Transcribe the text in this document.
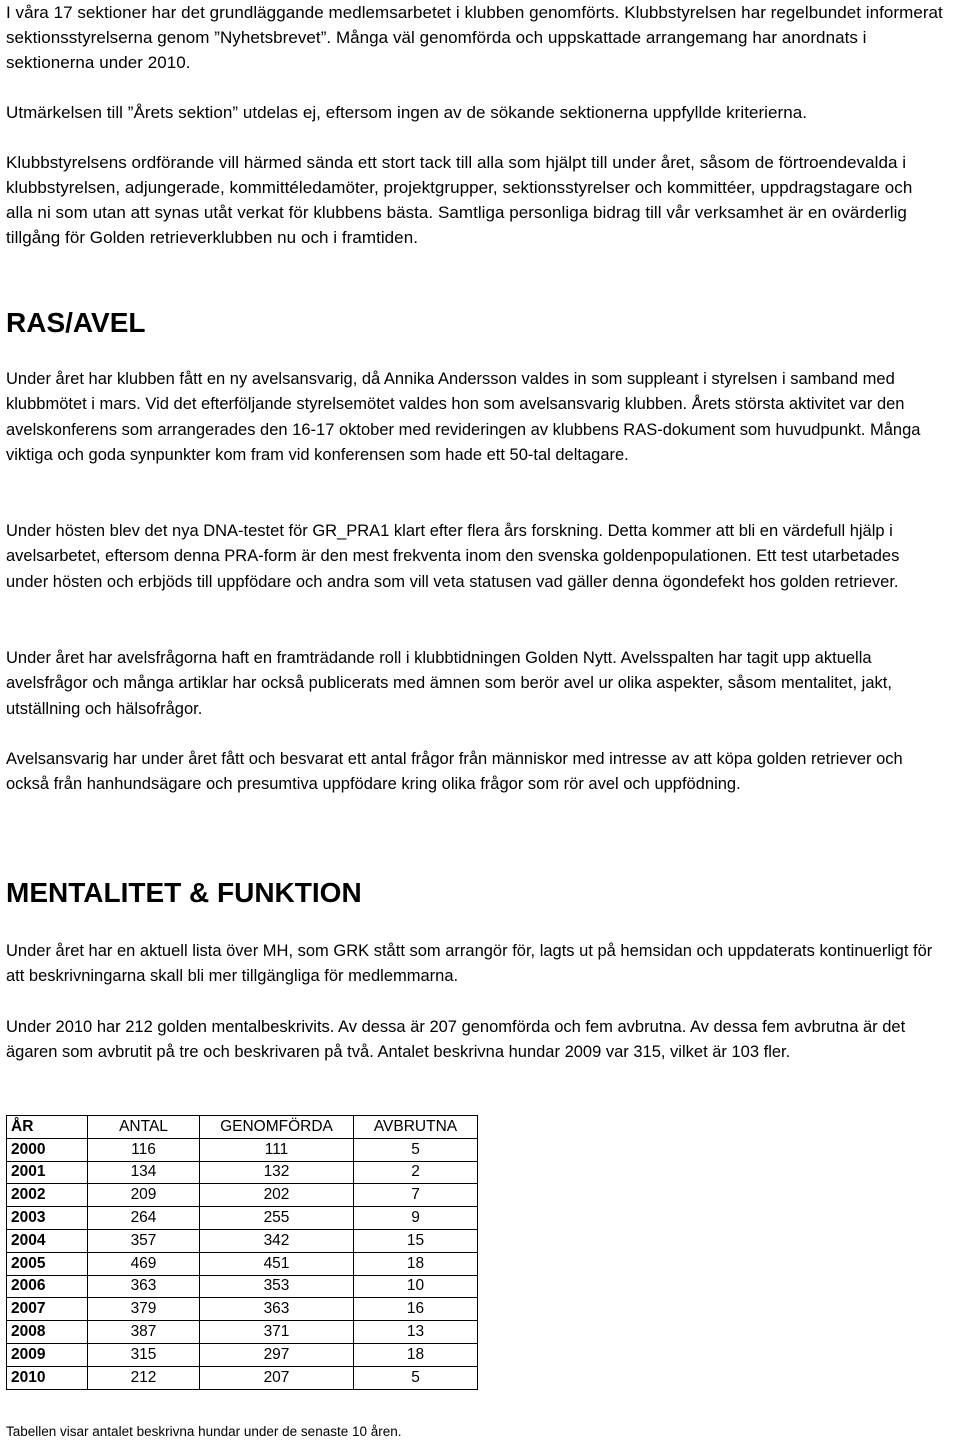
I våra 17 sektioner har det grundläggande medlemsarbetet i klubben genomförts. Klubbstyrelsen har regelbundet informerat sektionsstyrelserna genom ”Nyhetsbrevet”. Många väl genomförda och uppskattade arrangemang har anordnats i sektionerna under 2010.

Utmärkelsen till ”Årets sektion” utdelas ej, eftersom ingen av de sökande sektionerna uppfyllde kriterierna.

Klubbstyrelsens ordförande vill härmed sända ett stort tack till alla som hjälpt till under året, såsom de förtroendevalda i klubbstyrelsen, adjungerade, kommittéledamöter, projektgrupper, sektionsstyrelser och kommittéer, uppdragstagare och alla ni som utan att synas utåt verkat för klubbens bästa. Samtliga personliga bidrag till vår verksamhet är en ovärderlig tillgång för Golden retrieverklubben nu och i framtiden.

RAS/AVEL

Under året har klubben fått en ny avelsansvarig, då Annika Andersson valdes in som suppleant i styrelsen i samband med klubbmötet i mars. Vid det efterföljande styrelsemötet valdes hon som avelsansvarig klubben. Årets största aktivitet var den avelskonferens som arrangerades den 16-17 oktober med revideringen av klubbens RAS-dokument som huvudpunkt. Många viktiga och goda synpunkter kom fram vid konferensen som hade ett 50-tal deltagare.

Under hösten blev det nya DNA-testet för GR_PRA1 klart efter flera års forskning. Detta kommer att bli en värdefull hjälp i avelsarbetet, eftersom denna PRA-form är den mest frekventa inom den svenska goldenpopulationen. Ett test utarbetades under hösten och erbjöds till uppfödare och andra som vill veta statusen vad gäller denna ögondefekt hos golden retriever.

Under året har avelsfrågorna haft en framträdande roll i klubbtidningen Golden Nytt. Avelsspalten har tagit upp aktuella avelsfrågor och många artiklar har också publicerats med ämnen som berör avel ur olika aspekter, såsom mentalitet, jakt, utställning och hälsofrågor.

Avelsansvarig har under året fått och besvarat ett antal frågor från människor med intresse av att köpa golden retriever och också från hanhundsägare och presumtiva uppfödare kring olika frågor som rör avel och uppfödning.

MENTALITET & FUNKTION

Under året har en aktuell lista över MH, som GRK stått som arrangör för, lagts ut på hemsidan och uppdaterats kontinuerligt för att beskrivningarna skall bli mer tillgängliga för medlemmarna.

Under 2010 har 212 golden mentalbeskrivits. Av dessa är 207 genomförda och fem avbrutna. Av dessa fem avbrutna är det ägaren som avbrutit på tre och beskrivaren på två. Antalet beskrivna hundar 2009 var 315, vilket är 103 fler.

ÅR	ANTAL	GENOMFÖRDA	AVBRUTNA
2000	116	111	5
2001	134	132	2
2002	209	202	7
2003	264	255	9
2004	357	342	15
2005	469	451	18
2006	363	353	10
2007	379	363	16
2008	387	371	13
2009	315	297	18
2010	212	207	5

Tabellen visar antalet beskrivna hundar under de senaste 10 åren.
